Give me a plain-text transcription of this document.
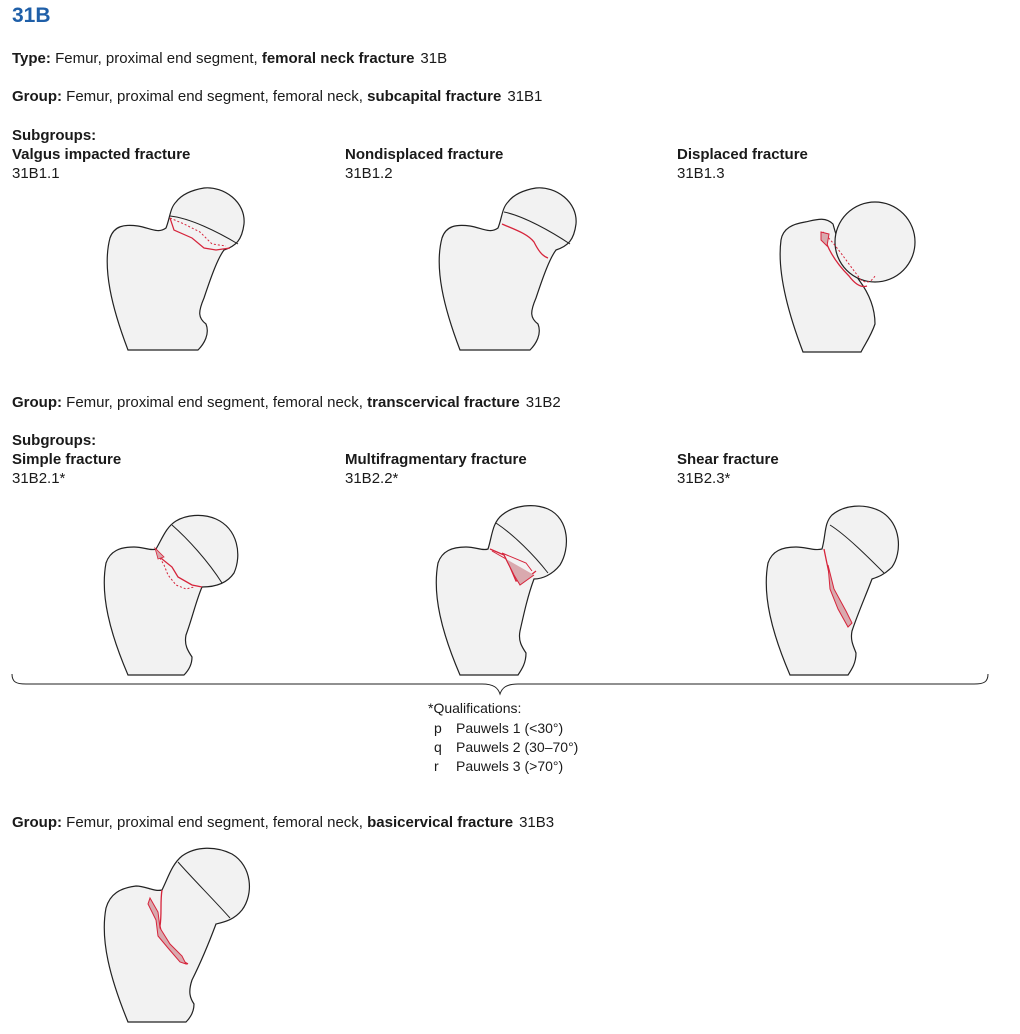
31B
Type: Femur, proximal end segment, femoral neck fracture 31B
Group: Femur, proximal end segment, femoral neck, subcapital fracture 31B1
Subgroups:
Valgus impacted fracture
31B1.1
Nondisplaced fracture
31B1.2
Displaced fracture
31B1.3
Group: Femur, proximal end segment, femoral neck, transcervical fracture 31B2
Subgroups:
Simple fracture
31B2.1*
Multifragmentary fracture
31B2.2*
Shear fracture
31B2.3*
*Qualifications:
p	Pauwels 1 (<30°)
q	Pauwels 2 (30–70°)
r	Pauwels 3 (>70°)
Group: Femur, proximal end segment, femoral neck, basicervical fracture 31B3
